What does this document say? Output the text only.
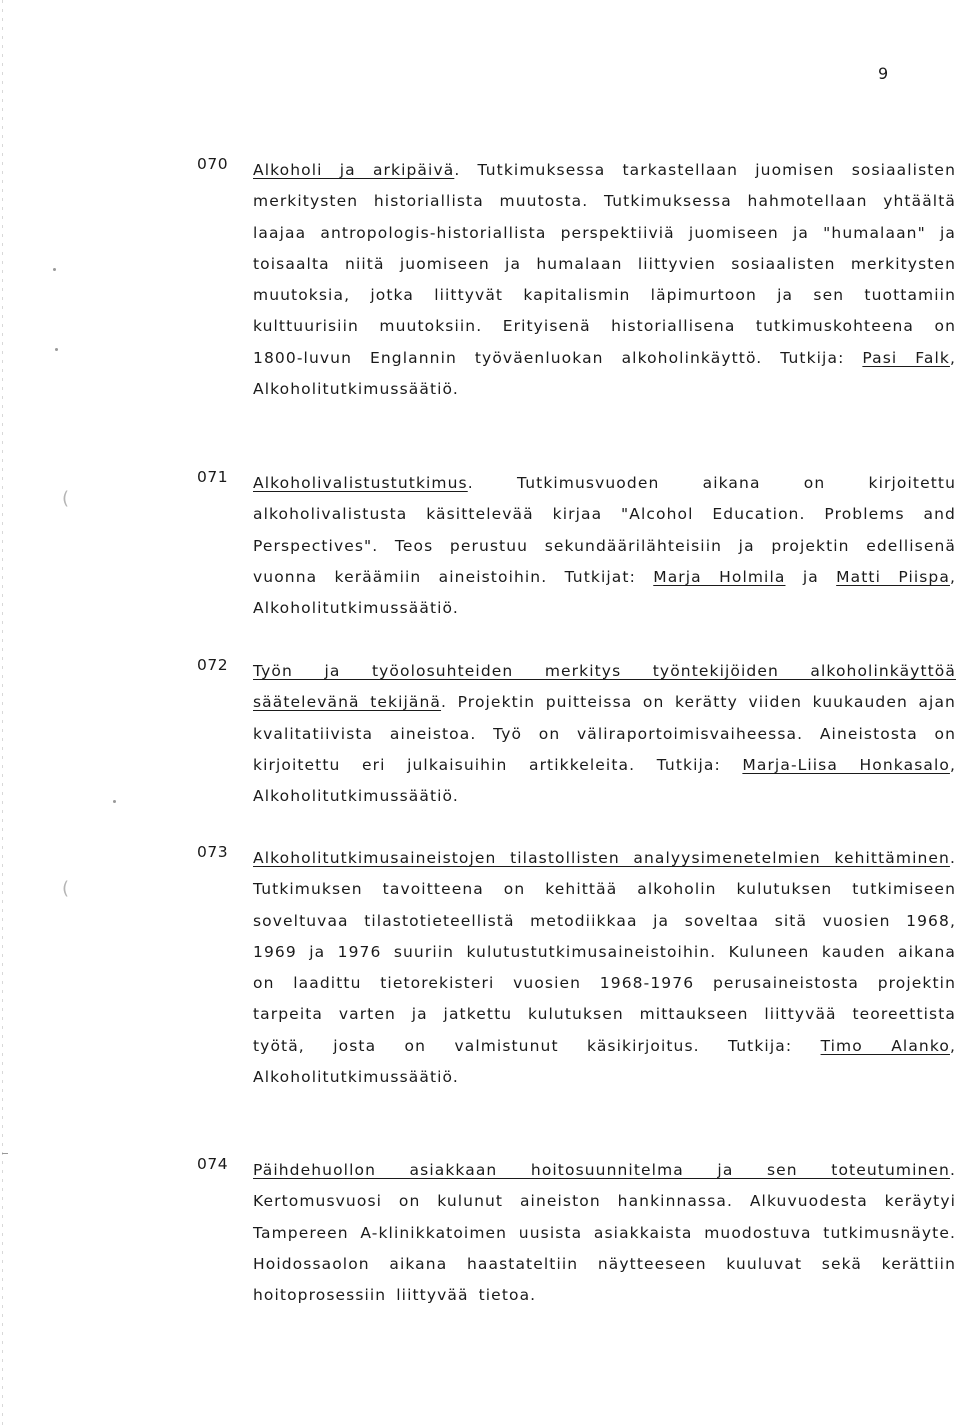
(
(
9
070 Alkoholi ja arkipäivä. Tutkimuksessa tarkastellaan juomisen sosiaalisten merkitysten historiallista muutosta. Tutkimuksessa hahmotellaan yhtäältä laajaa antropologis-historiallista perspektiiviä juomiseen ja "humalaan" ja toisaalta niitä juomiseen ja humalaan liittyvien sosiaalisten merkitysten muutoksia, jotka liittyvät kapitalismin läpimurtoon ja sen tuottamiin kulttuurisiin muutoksiin. Erityisenä historiallisena tutkimuskohteena on 1800-luvun Englannin työväenluokan alkoholinkäyttö. Tutkija: Pasi Falk, Alkoholitutkimussäätiö.
071 Alkoholivalistustutkimus. Tutkimusvuoden aikana on kirjoitettu alkoholivalistusta käsittelevää kirjaa "Alcohol Education. Problems and Perspectives". Teos perustuu sekundäärilähteisiin ja projektin edellisenä vuonna keräämiin aineistoihin. Tutkijat: Marja Holmila ja Matti Piispa, Alkoholitutkimussäätiö.
072 Työn ja työolosuhteiden merkitys työntekijöiden alkoholinkäyttöä säätelevänä tekijänä. Projektin puitteissa on kerätty viiden kuukauden ajan kvalitatiivista aineistoa. Työ on väliraportoimisvaiheessa. Aineistosta on kirjoitettu eri julkaisuihin artikkeleita. Tutkija: Marja-Liisa Honkasalo, Alkoholitutkimussäätiö.
073 Alkoholitutkimusaineistojen tilastollisten analyysimenetelmien kehittäminen. Tutkimuksen tavoitteena on kehittää alkoholin kulutuksen tutkimiseen soveltuvaa tilastotieteellistä metodiikkaa ja soveltaa sitä vuosien 1968, 1969 ja 1976 suuriin kulutustutkimusaineistoihin. Kuluneen kauden aikana on laadittu tietorekisteri vuosien 1968-1976 perusaineistosta projektin tarpeita varten ja jatkettu kulutuksen mittaukseen liittyvää teoreettista työtä, josta on valmistunut käsikirjoitus. Tutkija: Timo Alanko, Alkoholitutkimussäätiö.
074 Päihdehuollon asiakkaan hoitosuunnitelma ja sen toteutuminen. Kertomusvuosi on kulunut aineiston hankinnassa. Alkuvuodesta keräytyi Tampereen A-klinikkatoimen uusista asiakkaista muodostuva tutkimusnäyte. Hoidossaolon aikana haastateltiin näytteeseen kuuluvat sekä kerättiin hoitoprosessiin liittyvää tietoa.
